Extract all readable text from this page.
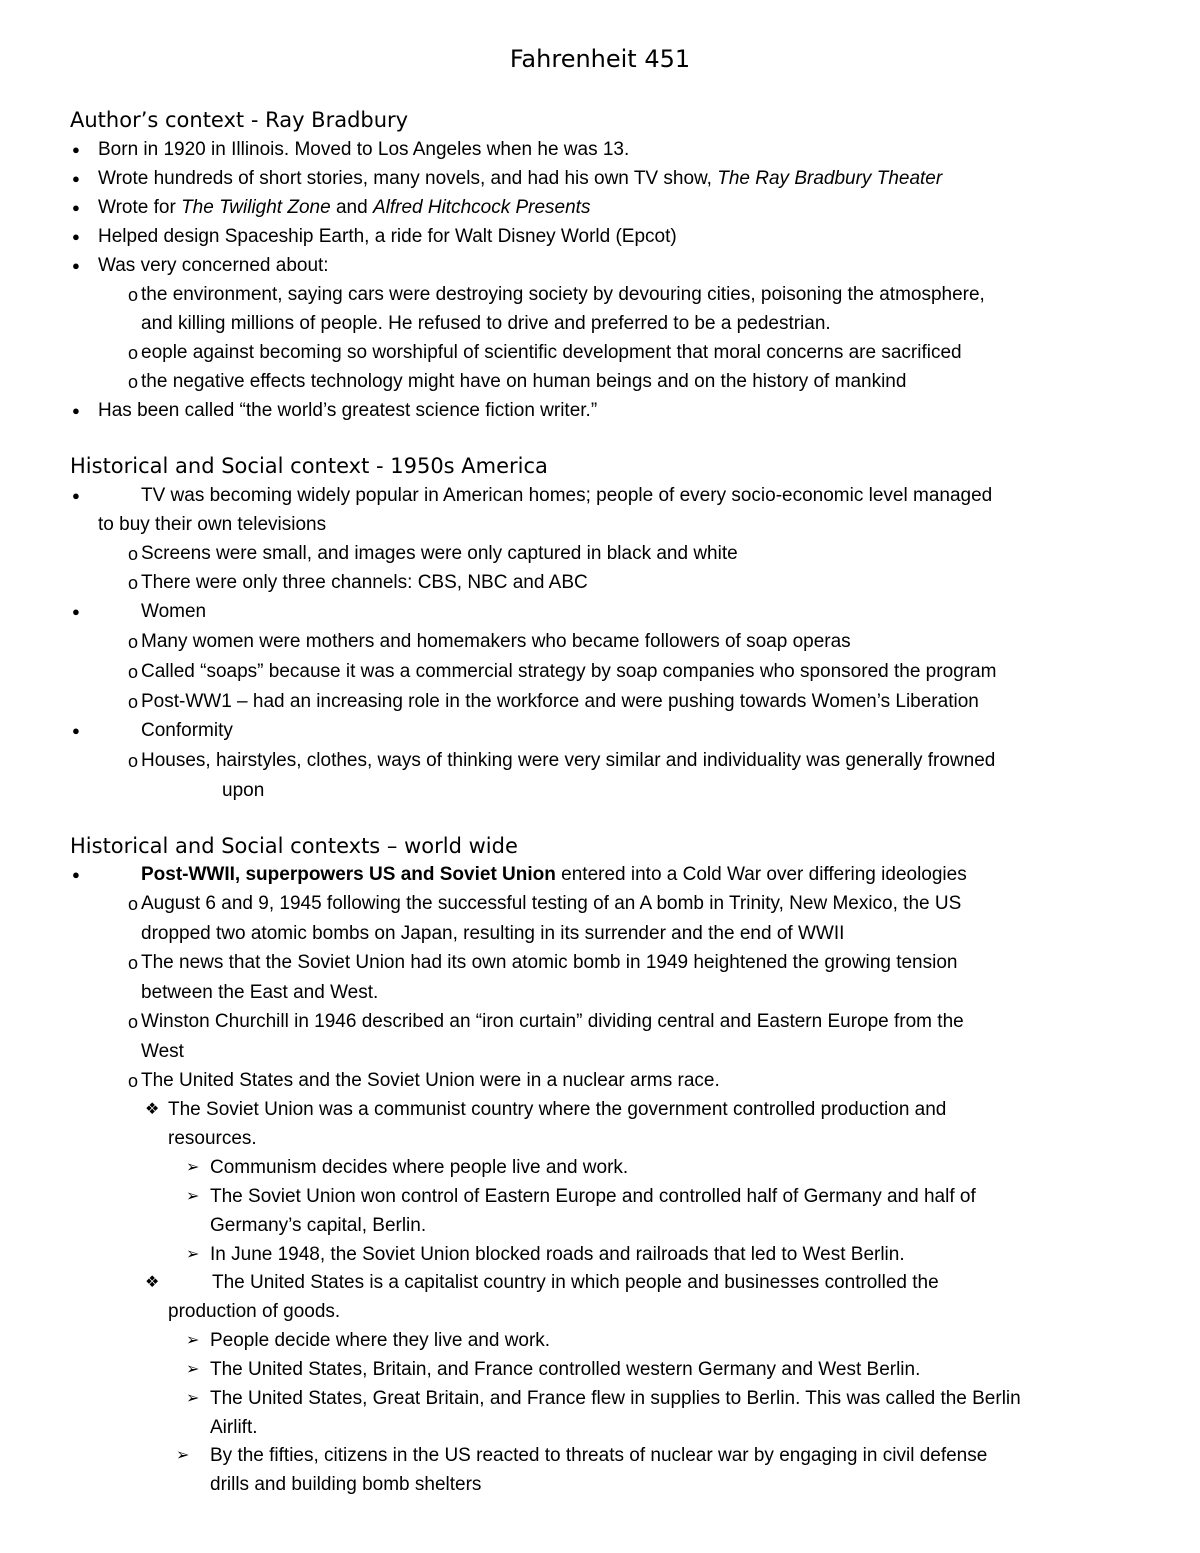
Fahrenheit 451
Author’s context - Ray Bradbury
● Born in 1920 in Illinois. Moved to Los Angeles when he was 13.
● Wrote hundreds of short stories, many novels, and had his own TV show, The Ray Bradbury Theater
● Wrote for The Twilight Zone and Alfred Hitchcock Presents
● Helped design Spaceship Earth, a ride for Walt Disney World (Epcot)
● Was very concerned about:
o the environment, saying cars were destroying society by devouring cities, poisoning the atmosphere,
and killing millions of people. He refused to drive and preferred to be a pedestrian.
o eople against becoming so worshipful of scientific development that moral concerns are sacrificed
o the negative effects technology might have on human beings and on the history of mankind
● Has been called “the world’s greatest science fiction writer.”
Historical and Social context - 1950s America
●	TV was becoming widely popular in American homes; people of every socio-economic level managed
to buy their own televisions
o Screens were small, and images were only captured in black and white
o There were only three channels: CBS, NBC and ABC
●	Women
o Many women were mothers and homemakers who became followers of soap operas
o Called “soaps” because it was a commercial strategy by soap companies who sponsored the program
o Post-WW1 – had an increasing role in the workforce and were pushing towards Women’s Liberation
●	Conformity
o Houses, hairstyles, clothes, ways of thinking were very similar and individuality was generally frowned
upon
Historical and Social contexts – world wide
●	Post-WWII, superpowers US and Soviet Union entered into a Cold War over differing ideologies
o August 6 and 9, 1945 following the successful testing of an A bomb in Trinity, New Mexico, the US
dropped two atomic bombs on Japan, resulting in its surrender and the end of WWII
o The news that the Soviet Union had its own atomic bomb in 1949 heightened the growing tension
between the East and West.
o Winston Churchill in 1946 described an “iron curtain” dividing central and Eastern Europe from the
West
o The United States and the Soviet Union were in a nuclear arms race.
❖ The Soviet Union was a communist country where the government controlled production and
resources.
➢ Communism decides where people live and work.
➢ The Soviet Union won control of Eastern Europe and controlled half of Germany and half of
Germany’s capital, Berlin.
➢ In June 1948, the Soviet Union blocked roads and railroads that led to West Berlin.
❖	The United States is a capitalist country in which people and businesses controlled the
production of goods.
➢ People decide where they live and work.
➢ The United States, Britain, and France controlled western Germany and West Berlin.
➢ The United States, Great Britain, and France flew in supplies to Berlin. This was called the Berlin
Airlift.
➢ By the fifties, citizens in the US reacted to threats of nuclear war by engaging in civil defense
drills and building bomb shelters
